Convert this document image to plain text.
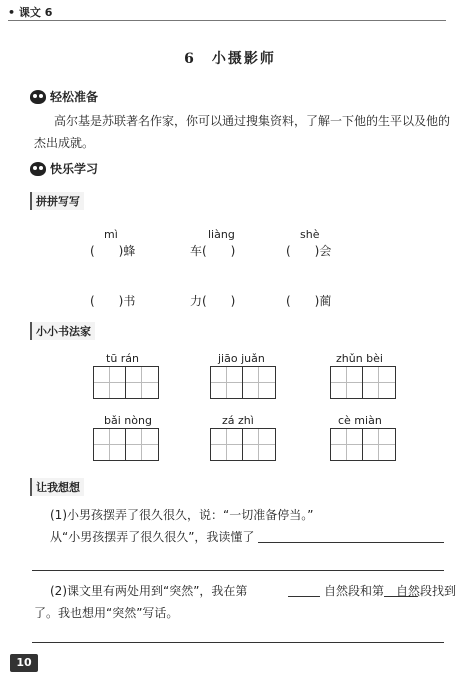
• 课文 6
6　小摄影师
轻松准备
高尔基是苏联著名作家，你可以通过搜集资料，了解一下他的生平以及他的
杰出成就。
快乐学习
拼拼写写
mì	liàng	shè
(　　)蜂	车(　　)	(　　)会
(　　)书	力(　　)	(　　)蔺
小小书法家
tū rán	jiāo juǎn	zhǔn bèi
bǎi nòng	zá zhì	cè miàn
让我想想
(1)小男孩摆弄了很久很久，说：“一切准备停当。”
从“小男孩摆弄了很久很久”，我读懂了
(2)课文里有两处用到“突然”，我在第	自然段和第
了。我也想用“突然”写话。
10
自然段找到
